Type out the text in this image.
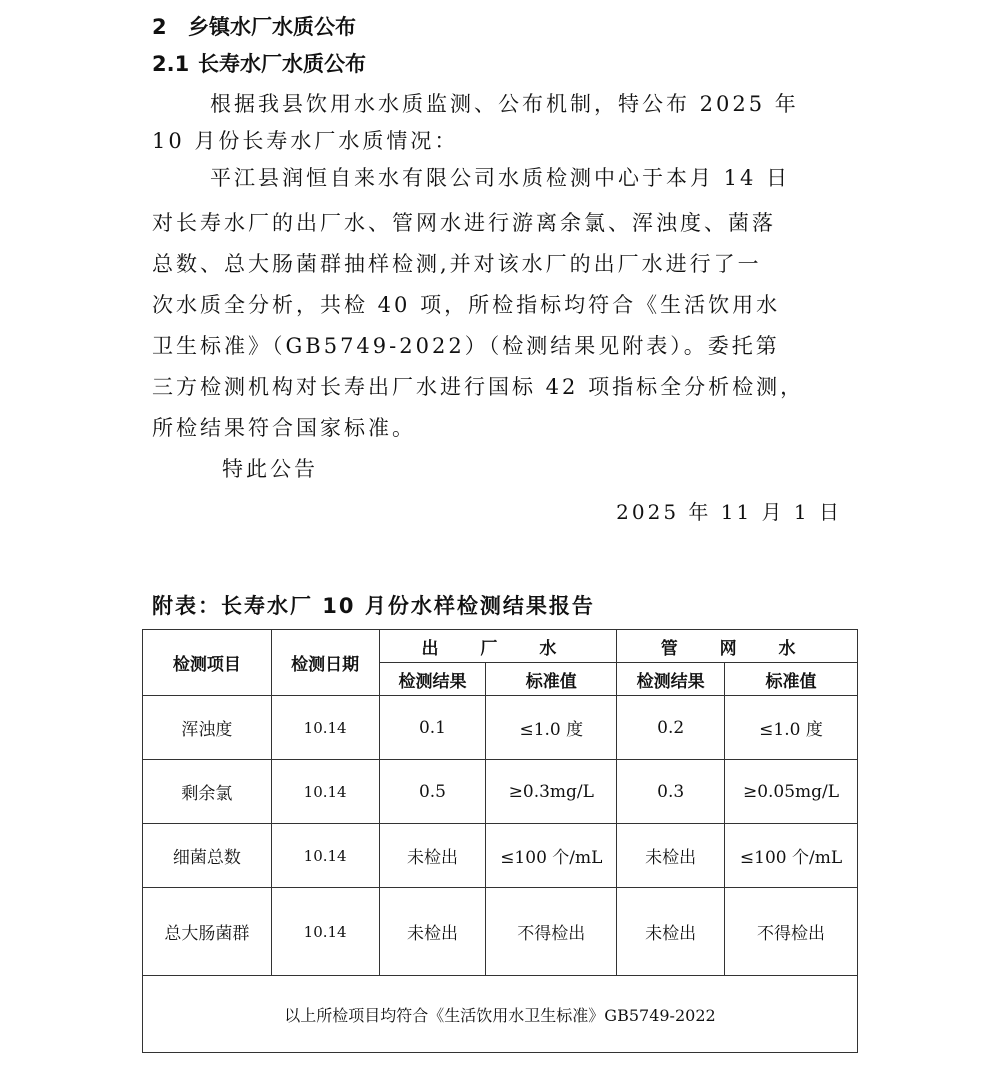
2 乡镇水厂水质公布
2.1 长寿水厂水质公布
根据我县饮用水水质监测、公布机制，特公布 2025 年
10 月份长寿水厂水质情况：
平江县润恒自来水有限公司水质检测中心于本月 14 日
对长寿水厂的出厂水、管网水进行游离余氯、浑浊度、菌落
总数、总大肠菌群抽样检测,并对该水厂的出厂水进行了一
次水质全分析，共检 40 项，所检指标均符合《生活饮用水
卫生标准》（GB5749-2022）（检测结果见附表）。委托第
三方检测机构对长寿出厂水进行国标 42 项指标全分析检测，
所检结果符合国家标准。
特此公告
2025 年 11 月 1 日
附表：长寿水厂 10 月份水样检测结果报告
检测项目	检测日期	出 厂 水		管 网 水	
		检测结果	标准值	检测结果	标准值
浑浊度	10.14	0.1	≤1.0 度	0.2	≤1.0 度
剩余氯	10.14	0.5	≥0.3mg/L	0.3	≥0.05mg/L
细菌总数	10.14	未检出	≤100 个/mL	未检出	≤100 个/mL
总大肠菌群	10.14	未检出	不得检出	未检出	不得检出
以上所检项目均符合《生活饮用水卫生标准》GB5749-2022					
